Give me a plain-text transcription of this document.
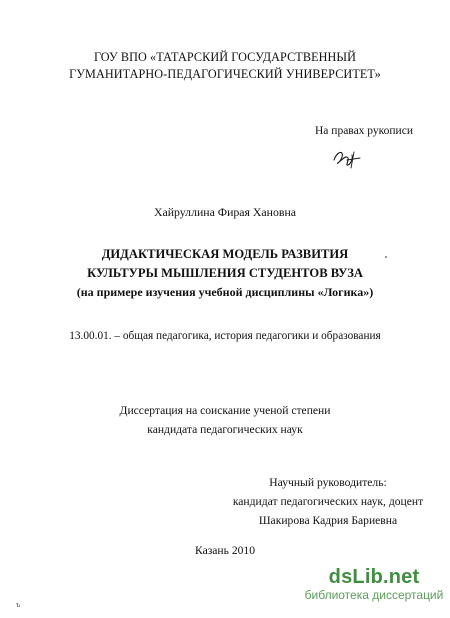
ГОУ ВПО «ТАТАРСКИЙ ГОСУДАРСТВЕННЫЙ
ГУМАНИТАРНО-ПЕДАГОГИЧЕСКИЙ УНИВЕРСИТЕТ»
На правах рукописи
Хайруллина Фирая Хановна
ДИДАКТИЧЕСКАЯ МОДЕЛЬ РАЗВИТИЯ
КУЛЬТУРЫ МЫШЛЕНИЯ СТУДЕНТОВ ВУЗА
(на примере изучения учебной дисциплины «Логика»)
13.00.01. – общая педагогика, история педагогики и образования
Диссертация на соискание ученой степени
кандидата педагогических наук
Научный руководитель:
кандидат педагогических наук, доцент
Шакирова Кадрия Бариевна
Казань 2010
ъ
dsLib.net
библиотека диссертаций
